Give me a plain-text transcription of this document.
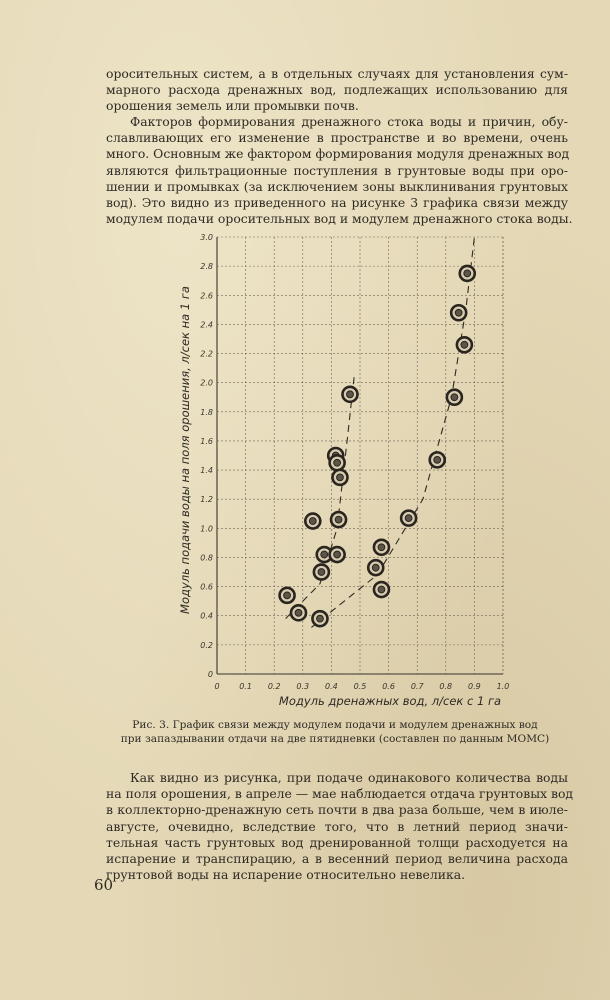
оросительных систем, а в отдельных случаях для установления сум-
марного расхода дренажных вод, подлежащих использованию для
орошения земель или промывки почв.

Факторов формирования дренажного стока воды и причин, обу-
славливающих его изменение в пространстве и во времени, очень
много. Основным же фактором формирования модуля дренажных вод
являются фильтрационные поступления в грунтовые воды при оро-
шении и промывках (за исключением зоны выклинивания грунтовых
вод). Это видно из приведенного на рисунке 3 графика связи между
модулем подачи оросительных вод и модулем дренажного стока воды.

0 0.1 0.2 0.3 0.4 0.5 0.6 0.7 0.8 0.9 1.0
0
0.2
0.4
0.6
0.8
1.0
1.2
1.4
1.6
1.8
2.0
2.2
2.4
2.6
2.8
3.0
Модуль дренажных вод, л/сек с 1 га
Модуль подачи воды на поля орошения, л/сек на 1 га

Рис. 3. График связи между модулем подачи и модулем дренажных вод
при запаздывании отдачи на две пятидневки (составлен по данным МОМС)

Как видно из рисунка, при подаче одинакового количества воды
на поля орошения, в апреле — мае наблюдается отдача грунтовых вод
в коллекторно-дренажную сеть почти в два раза больше, чем в июле-
августе, очевидно, вследствие того, что в летний период значи-
тельная часть грунтовых вод дренированной толщи расходуется на
испарение и транспирацию, а в весенний период величина расхода
грунтовой воды на испарение относительно невелика.

60
